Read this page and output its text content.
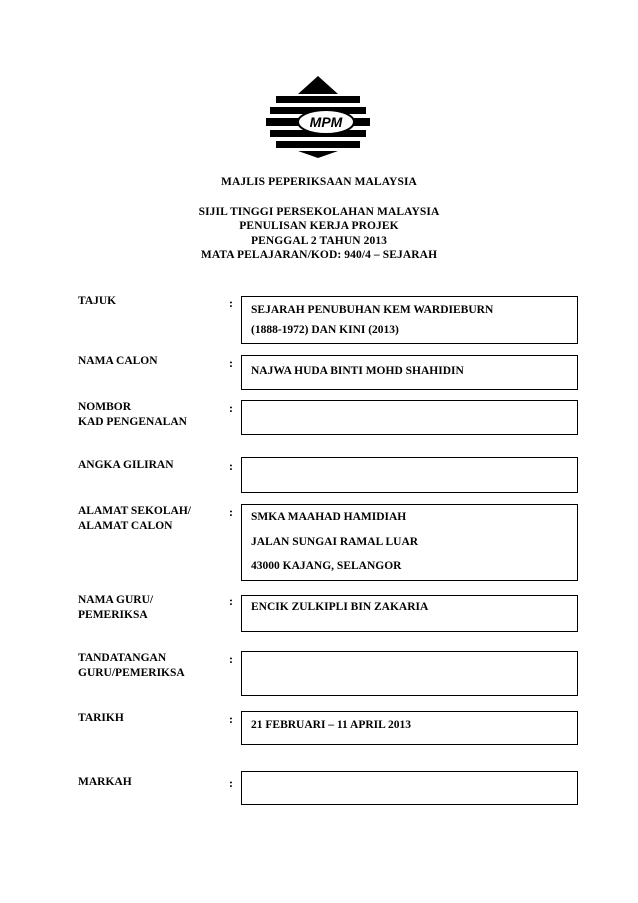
MPM
MAJLIS PEPERIKSAAN MALAYSIA
SIJIL TINGGI PERSEKOLAHAN MALAYSIA
PENULISAN KERJA PROJEK
PENGGAL 2 TAHUN 2013
MATA PELAJARAN/KOD: 940/4 – SEJARAH
TAJUK	: SEJARAH PENUBUHAN KEM WARDIEBURN
(1888-1972) DAN KINI (2013)
NAMA CALON	:
NAJWA HUDA BINTI MOHD SHAHIDIN
NOMBOR
KAD PENGENALAN
:
ANGKA GILIRAN	:
ALAMAT SEKOLAH/
ALAMAT CALON
: SMKA MAAHAD HAMIDIAH
JALAN SUNGAI RAMAL LUAR
43000 KAJANG, SELANGOR
NAMA GURU/
PEMERIKSA
: ENCIK ZULKIPLI BIN ZAKARIA
TANDATANGAN
GURU/PEMERIKSA
:
TARIKH	: 21 FEBRUARI – 11 APRIL 2013
MARKAH	:
